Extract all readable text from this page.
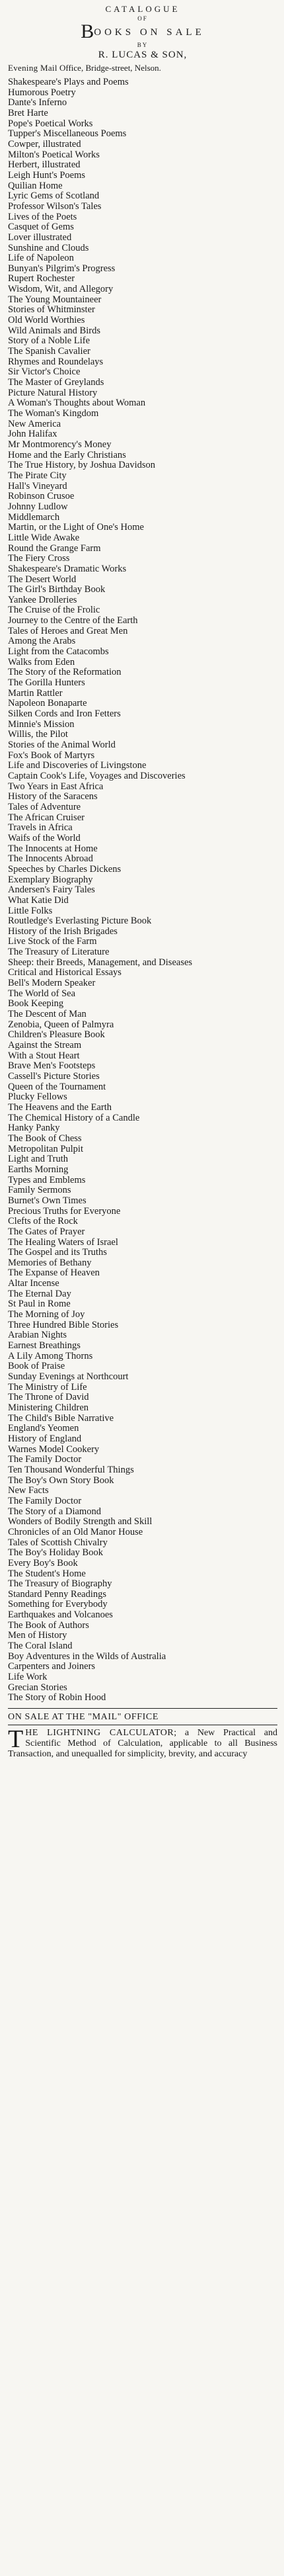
CATALOGUE
OF
BOOKS ON SALE
BY
R. LUCAS & SON,
Evening Mail Office, Bridge-street, Nelson.
Shakespeare's Plays and Poems
Humorous Poetry
Dante's Inferno
Bret Harte
Pope's Poetical Works
Tupper's Miscellaneous Poems
Cowper, illustrated
Milton's Poetical Works
Herbert, illustrated
Leigh Hunt's Poems
Quilian Home
Lyric Gems of Scotland
Professor Wilson's Tales
Lives of the Poets
Casquet of Gems
Lover illustrated
Sunshine and Clouds
Life of Napoleon
Bunyan's Pilgrim's Progress
Rupert Rochester
Wisdom, Wit, and Allegory
The Young Mountaineer
Stories of Whitminster
Old World Worthies
Wild Animals and Birds
Story of a Noble Life
The Spanish Cavalier
Rhymes and Roundelays
Sir Victor's Choice
The Master of Greylands
Picture Natural History
A Woman's Thoughts about Woman
The Woman's Kingdom
New America
John Halifax
Mr Montmorency's Money
Home and the Early Christians
The True History, by Joshua Davidson
The Pirate City
Hall's Vineyard
Robinson Crusoe
Johnny Ludlow
Middlemarch
Martin, or the Light of One's Home
Little Wide Awake
Round the Grange Farm
The Fiery Cross
Shakespeare's Dramatic Works
The Desert World
The Girl's Birthday Book
Yankee Drolleries
The Cruise of the Frolic
Journey to the Centre of the Earth
Tales of Heroes and Great Men
Among the Arabs
Light from the Catacombs
Walks from Eden
The Story of the Reformation
The Gorilla Hunters
Martin Rattler
Napoleon Bonaparte
Silken Cords and Iron Fetters
Minnie's Mission
Willis, the Pilot
Stories of the Animal World
Fox's Book of Martyrs
Life and Discoveries of Livingstone
Captain Cook's Life, Voyages and Discoveries
Two Years in East Africa
History of the Saracens
Tales of Adventure
The African Cruiser
Travels in Africa
Waifs of the World
The Innocents at Home
The Innocents Abroad
Speeches by Charles Dickens
Exemplary Biography
Andersen's Fairy Tales
What Katie Did
Little Folks
Routledge's Everlasting Picture Book
History of the Irish Brigades
Live Stock of the Farm
The Treasury of Literature
Sheep: their Breeds, Management, and Diseases
Critical and Historical Essays
Bell's Modern Speaker
The World of Sea
Book Keeping
The Descent of Man
Zenobia, Queen of Palmyra
Children's Pleasure Book
Against the Stream
With a Stout Heart
Brave Men's Footsteps
Cassell's Picture Stories
Queen of the Tournament
Plucky Fellows
The Heavens and the Earth
The Chemical History of a Candle
Hanky Panky
The Book of Chess
Metropolitan Pulpit
Light and Truth
Earths Morning
Types and Emblems
Family Sermons
Burnet's Own Times
Precious Truths for Everyone
Clefts of the Rock
The Gates of Prayer
The Healing Waters of Israel
The Gospel and its Truths
Memories of Bethany
The Expanse of Heaven
Altar Incense
The Eternal Day
St Paul in Rome
The Morning of Joy
Three Hundred Bible Stories
Arabian Nights
Earnest Breathings
A Lily Among Thorns
Book of Praise
Sunday Evenings at Northcourt
The Ministry of Life
The Throne of David
Ministering Children
The Child's Bible Narrative
England's Yeomen
History of England
Warnes Model Cookery
The Family Doctor
Ten Thousand Wonderful Things
The Boy's Own Story Book
New Facts
The Family Doctor
The Story of a Diamond
Wonders of Bodily Strength and Skill
Chronicles of an Old Manor House
Tales of Scottish Chivalry
The Boy's Holiday Book
Every Boy's Book
The Student's Home
The Treasury of Biography
Standard Penny Readings
Something for Everybody
Earthquakes and Volcanoes
The Book of Authors
Men of History
The Coral Island
Boy Adventures in the Wilds of Australia
Carpenters and Joiners
Life Work
Grecian Stories
The Story of Robin Hood
ON SALE AT THE "MAIL" OFFICE
THE LIGHTNING CALCULATOR; a New Practical and Scientific Method of Calculation, applicable to all Business Transaction, and unequalled for simplicity, brevity, and accuracy
